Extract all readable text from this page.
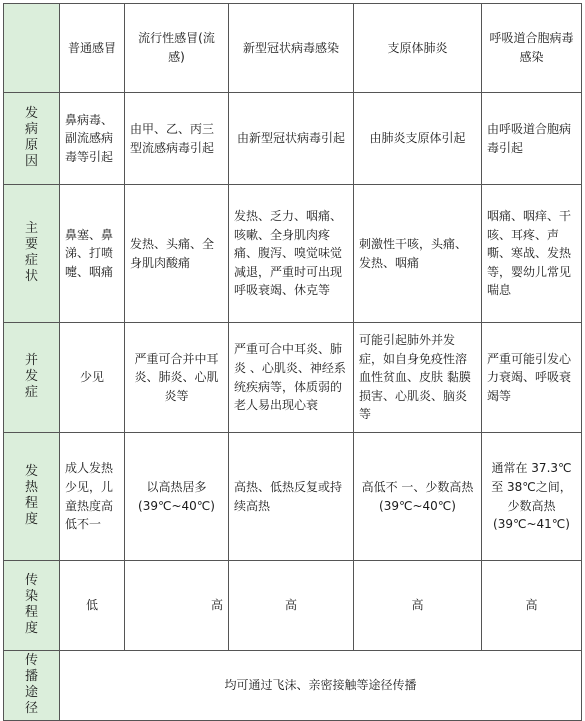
	普通感冒	流行性感冒(流感)	新型冠状病毒感染	支原体肺炎	呼吸道合胞病毒感染
发病原因	鼻病毒、副流感病毒等引起	由甲、乙、丙三型流感病毒引起	由新型冠状病毒引起	由肺炎支原体引起	由呼吸道合胞病毒引起
主要症状	鼻塞、鼻涕、打喷嚏、咽痛	发热、头痛、全身肌肉酸痛	发热、乏力、咽痛、咳嗽、全身肌肉疼痛、腹泻、嗅觉味觉减退，严重时可出现呼吸衰竭、休克等	刺激性干咳，头痛、发热、咽痛	咽痛、咽痒、干咳、耳疼、声嘶、寒战、发热等，婴幼儿常见喘息
并发症	少见	严重可合并中耳炎、肺炎、心肌炎等	严重可合中耳炎、肺 炎 、心肌炎、神经系统疾病等，体质弱的老人易出现心衰	可能引起肺外并发症，如自身免疫性溶血性贫血、皮肤 黏膜损害、心肌炎、脑炎等	严重可能引发心力衰竭、呼吸衰竭等
发热程度	成人发热少见，儿童热度高低不一	以高热居多 (39℃~40℃)	高热、低热反复或持续高热	高低不 一、少数高热 (39℃~40℃)	通常在 37.3℃至 38℃之间，少数高热 (39℃~41℃)
传染程度	低	高	高	高	高
传播途径	均可通过飞沫、亲密接触等途径传播				
